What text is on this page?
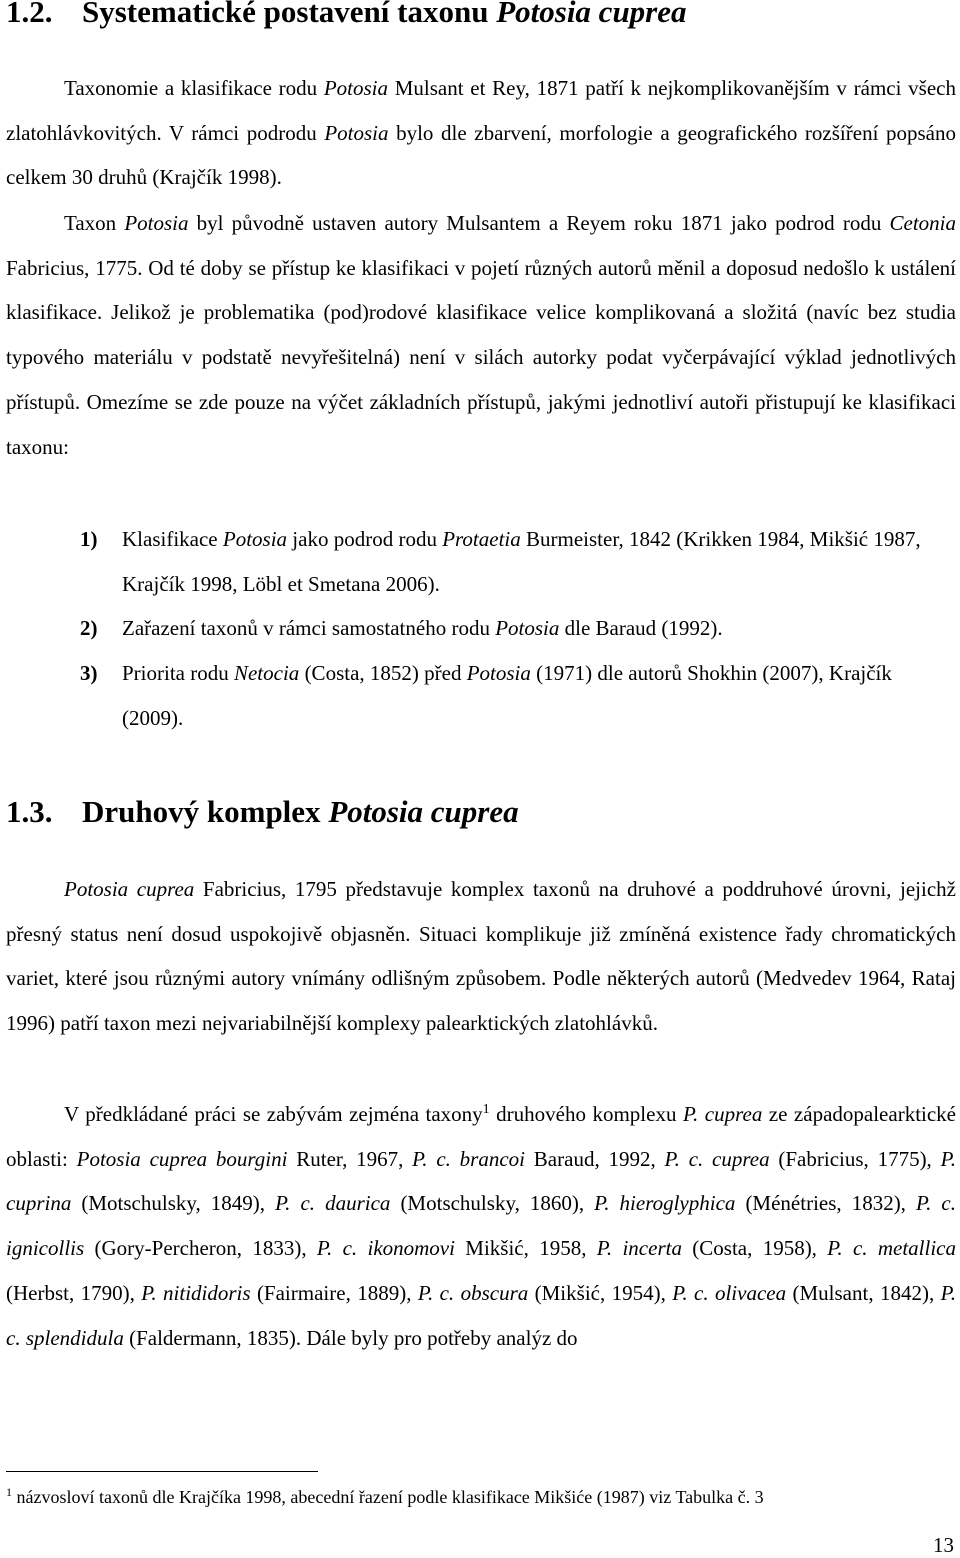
1.2. Systematické postavení taxonu Potosia cuprea

Taxonomie a klasifikace rodu Potosia Mulsant et Rey, 1871 patří k nejkomplikovanějším v rámci všech zlatohlávkovitých. V rámci podrodu Potosia bylo dle zbarvení, morfologie a geografického rozšíření popsáno celkem 30 druhů (Krajčík 1998).

Taxon Potosia byl původně ustaven autory Mulsantem a Reyem roku 1871 jako podrod rodu Cetonia Fabricius, 1775. Od té doby se přístup ke klasifikaci v pojetí různých autorů měnil a doposud nedošlo k ustálení klasifikace. Jelikož je problematika (pod)rodové klasifikace velice komplikovaná a složitá (navíc bez studia typového materiálu v podstatě nevyřešitelná) není v silách autorky podat vyčerpávající výklad jednotlivých přístupů. Omezíme se zde pouze na výčet základních přístupů, jakými jednotliví autoři přistupují ke klasifikaci taxonu:

1) Klasifikace Potosia jako podrod rodu Protaetia Burmeister, 1842 (Krikken 1984, Mikšić 1987, Krajčík 1998, Löbl et Smetana 2006).
2) Zařazení taxonů v rámci samostatného rodu Potosia dle Baraud (1992).
3) Priorita rodu Netocia (Costa, 1852) před Potosia (1971) dle autorů Shokhin (2007), Krajčík (2009).
1.3. Druhový komplex Potosia cuprea

Potosia cuprea Fabricius, 1795 představuje komplex taxonů na druhové a poddruhové úrovni, jejichž přesný status není dosud uspokojivě objasněn. Situaci komplikuje již zmíněná existence řady chromatických variet, které jsou různými autory vnímány odlišným způsobem. Podle některých autorů (Medvedev 1964, Rataj 1996) patří taxon mezi nejvariabilnější komplexy palearktických zlatohlávků.

V předkládané práci se zabývám zejména taxony$^1$ druhového komplexu P. cuprea ze západopalearktické oblasti: Potosia cuprea bourgini Ruter, 1967, P. c. brancoi Baraud, 1992, P. c. cuprea (Fabricius, 1775), P. cuprina (Motschulsky, 1849), P. c. daurica (Motschulsky, 1860), P. hieroglyphica (Ménétries, 1832), P. c. ignicollis (Gory-Percheron, 1833), P. c. ikonomovi Mikšić, 1958, P. incerta (Costa, 1958), P. c. metallica (Herbst, 1790), P. nitididoris (Fairmaire, 1889), P. c. obscura (Mikšić, 1954), P. c. olivacea (Mulsant, 1842), P. c. splendidula (Faldermann, 1835). Dále byly pro potřeby analýz do

$^1$ názvosloví taxonů dle Krajčíka 1998, abecední řazení podle klasifikace Mikšiće (1987) viz Tabulka č. 3

13
